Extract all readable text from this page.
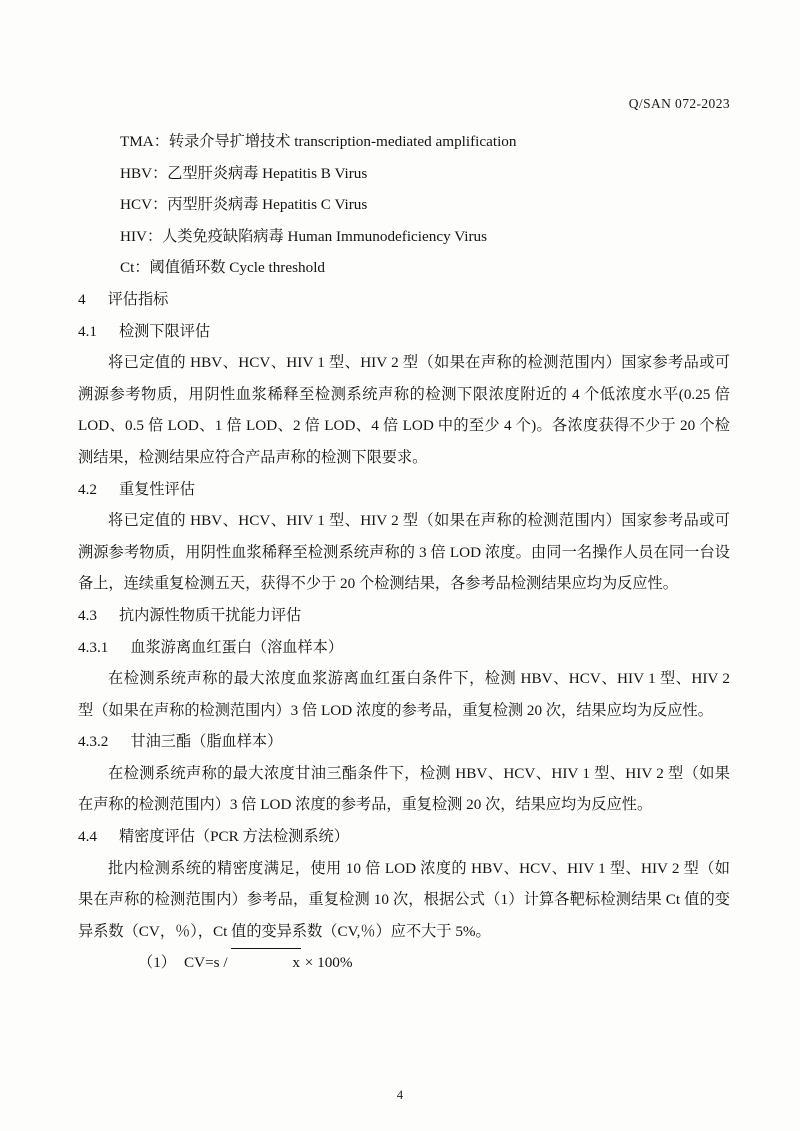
Q/SAN 072-2023

TMA：转录介导扩增技术 transcription-mediated amplification

HBV：乙型肝炎病毒 Hepatitis B Virus

HCV：丙型肝炎病毒 Hepatitis C Virus

HIV：人类免疫缺陷病毒 Human Immunodeficiency Virus

Ct：阈值循环数 Cycle threshold

4 评估指标

4.1 检测下限评估

将已定值的 HBV、HCV、HIV 1 型、HIV 2 型（如果在声称的检测范围内）国家参考品或可溯源参考物质，用阴性血浆稀释至检测系统声称的检测下限浓度附近的 4 个低浓度水平(0.25 倍 LOD、0.5 倍 LOD、1 倍 LOD、2 倍 LOD、4 倍 LOD 中的至少 4 个)。各浓度获得不少于 20 个检测结果，检测结果应符合产品声称的检测下限要求。

4.2 重复性评估

将已定值的 HBV、HCV、HIV 1 型、HIV 2 型（如果在声称的检测范围内）国家参考品或可溯源参考物质，用阴性血浆稀释至检测系统声称的 3 倍 LOD 浓度。由同一名操作人员在同一台设备上，连续重复检测五天，获得不少于 20 个检测结果，各参考品检测结果应均为反应性。

4.3 抗内源性物质干扰能力评估

4.3.1 血浆游离血红蛋白（溶血样本）

在检测系统声称的最大浓度血浆游离血红蛋白条件下，检测 HBV、HCV、HIV 1 型、HIV 2 型（如果在声称的检测范围内）3 倍 LOD 浓度的参考品，重复检测 20 次，结果应均为反应性。

4.3.2 甘油三酯（脂血样本）

在检测系统声称的最大浓度甘油三酯条件下，检测 HBV、HCV、HIV 1 型、HIV 2 型（如果在声称的检测范围内）3 倍 LOD 浓度的参考品，重复检测 20 次，结果应均为反应性。

4.4 精密度评估（PCR 方法检测系统）

批内检测系统的精密度满足，使用 10 倍 LOD 浓度的 HBV、HCV、HIV 1 型、HIV 2 型（如果在声称的检测范围内）参考品，重复检测 10 次，根据公式（1）计算各靶标检测结果 Ct 值的变异系数（CV，％），Ct 值的变异系数（CV,％）应不大于 5%。

（1） CV=s /	x × 100%

4
